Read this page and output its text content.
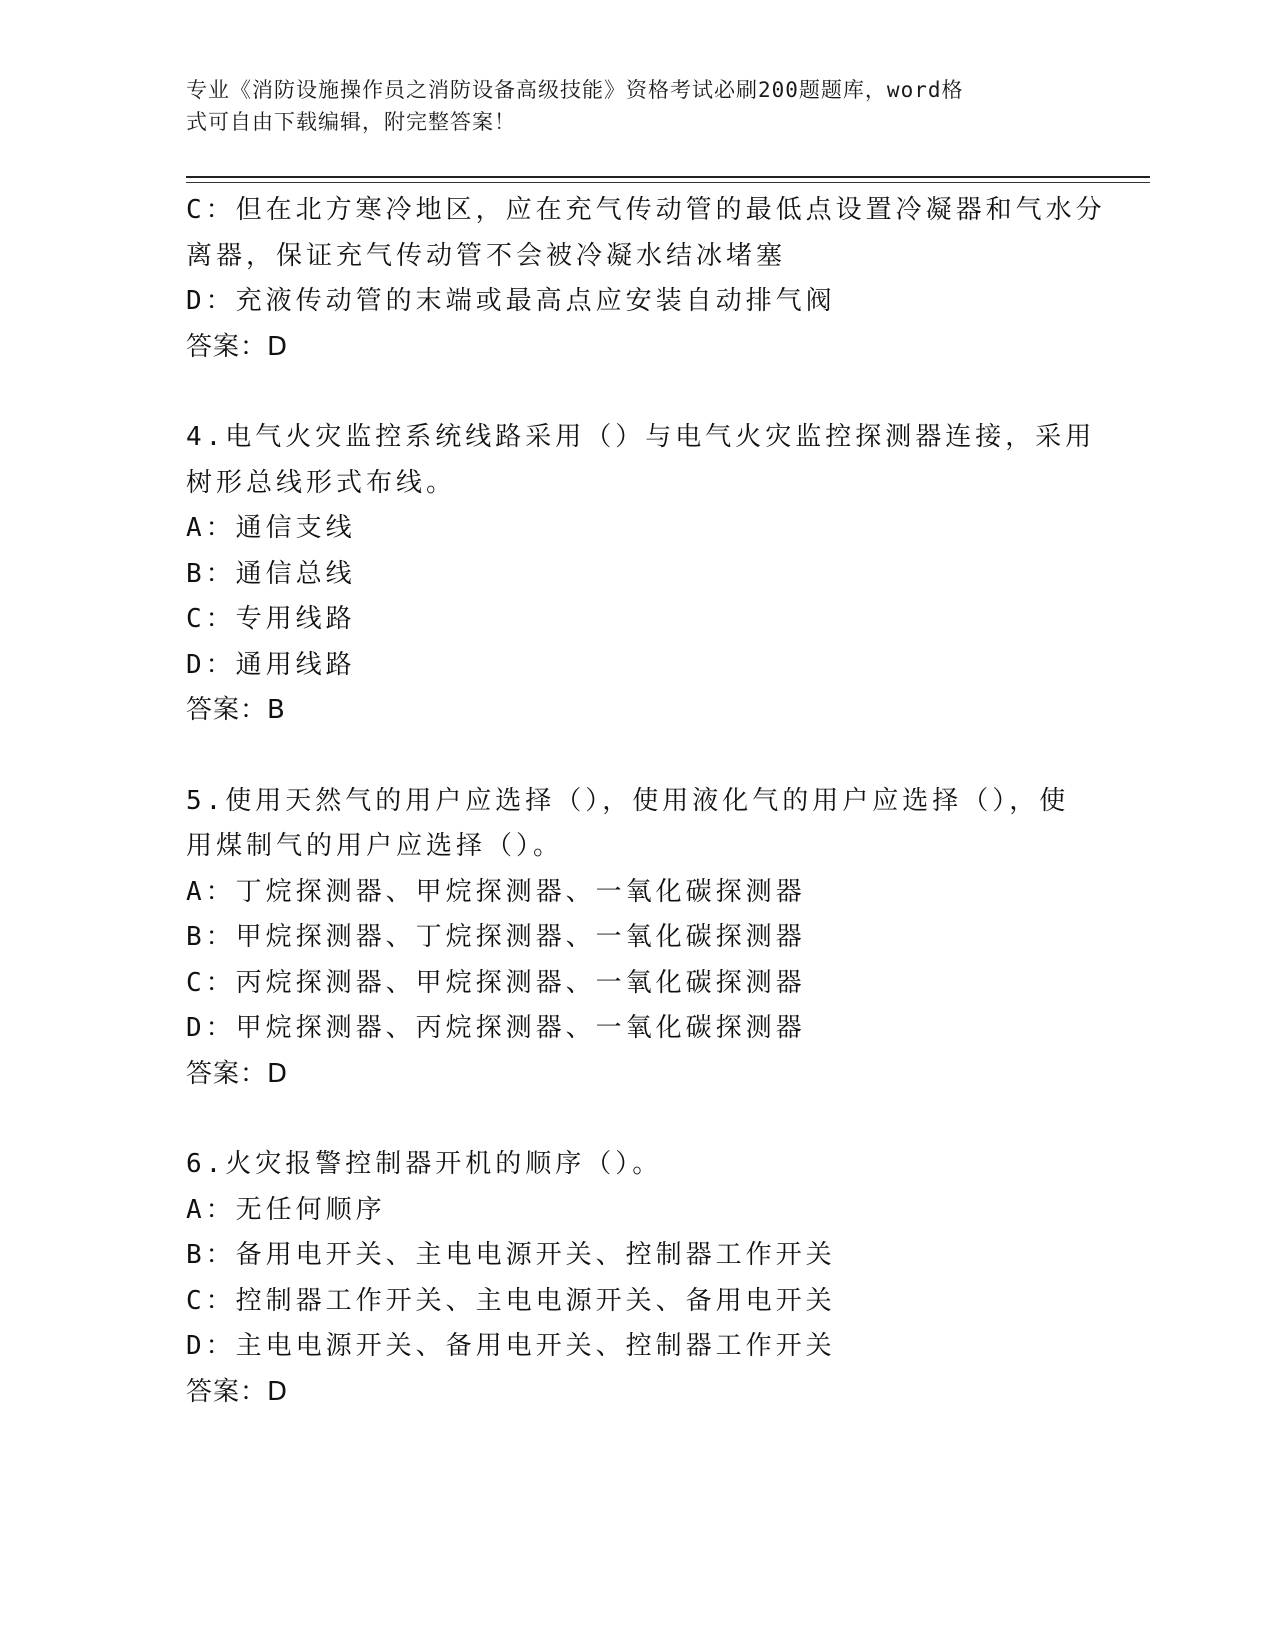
专业《消防设施操作员之消防设备高级技能》资格考试必刷200题题库，word格
式可自由下载编辑，附完整答案！
C：但在北方寒冷地区，应在充气传动管的最低点设置冷凝器和气水分
离器，保证充气传动管不会被冷凝水结冰堵塞
D：充液传动管的末端或最高点应安装自动排气阀
答案：D
4.电气火灾监控系统线路采用（）与电气火灾监控探测器连接，采用
树形总线形式布线。
A：通信支线
B：通信总线
C：专用线路
D：通用线路
答案：B
5.使用天然气的用户应选择（），使用液化气的用户应选择（），使
用煤制气的用户应选择（）。
A：丁烷探测器、甲烷探测器、一氧化碳探测器
B：甲烷探测器、丁烷探测器、一氧化碳探测器
C：丙烷探测器、甲烷探测器、一氧化碳探测器
D：甲烷探测器、丙烷探测器、一氧化碳探测器
答案：D
6.火灾报警控制器开机的顺序（）。
A：无任何顺序
B：备用电开关、主电电源开关、控制器工作开关
C：控制器工作开关、主电电源开关、备用电开关
D：主电电源开关、备用电开关、控制器工作开关
答案：D
